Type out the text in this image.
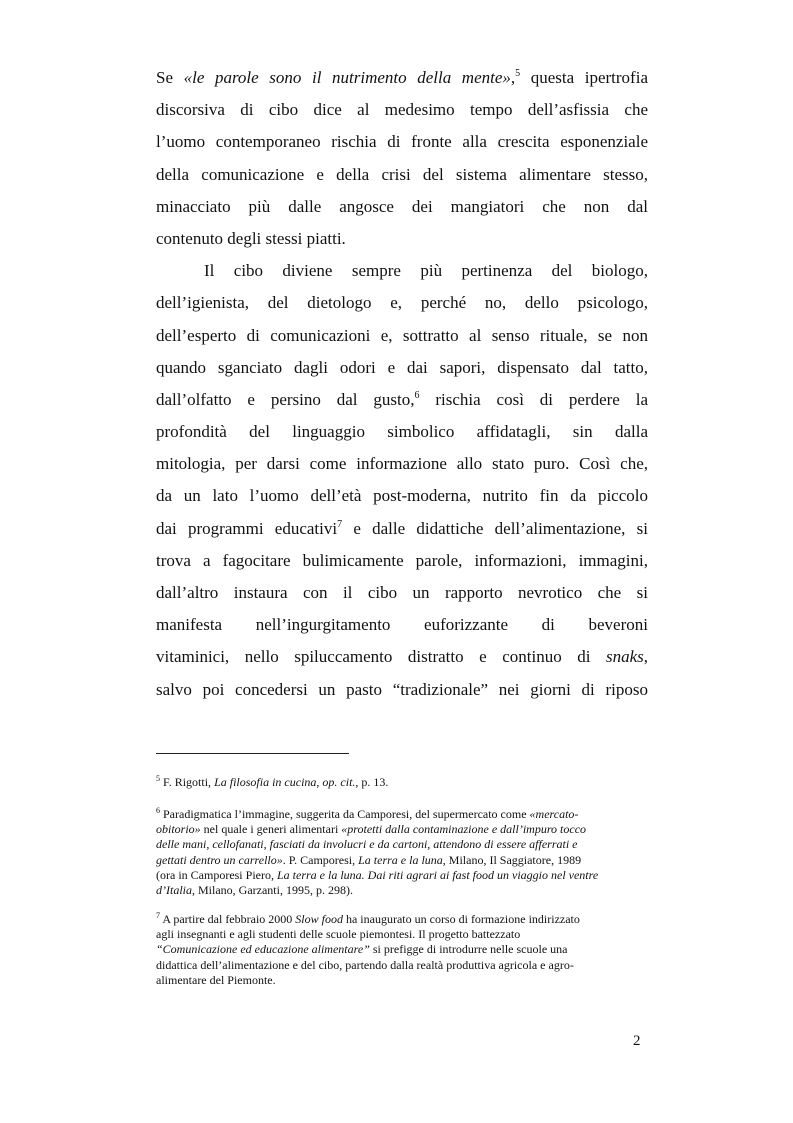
Se «le parole sono il nutrimento della mente»,$^5$ questa ipertrofia
discorsiva di cibo dice al medesimo tempo dell’asfissia che
l’uomo contemporaneo rischia di fronte alla crescita esponenziale
della comunicazione e della crisi del sistema alimentare stesso,
minacciato più dalle angosce dei mangiatori che non dal
contenuto degli stessi piatti.
Il cibo diviene sempre più pertinenza del biologo,
dell’igienista, del dietologo e, perché no, dello psicologo,
dell’esperto di comunicazioni e, sottratto al senso rituale, se non
quando sganciato dagli odori e dai sapori, dispensato dal tatto,
dall’olfatto e persino dal gusto,$^6$ rischia così di perdere la
profondità del linguaggio simbolico affidatagli, sin dalla
mitologia, per darsi come informazione allo stato puro. Così che,
da un lato l’uomo dell’età post-moderna, nutrito fin da piccolo
dai programmi educativi$^7$ e dalle didattiche dell’alimentazione, si
trova a fagocitare bulimicamente parole, informazioni, immagini,
dall’altro instaura con il cibo un rapporto nevrotico che si
manifesta nell’ingurgitamento euforizzante di beveroni
vitaminici, nello spiluccamento distratto e continuo di snaks,
salvo poi concedersi un pasto “tradizionale” nei giorni di riposo
$^5$ F. Rigotti, La filosofia in cucina, op. cit., p. 13.
$^6$ Paradigmatica l’immagine, suggerita da Camporesi, del supermercato come «mercato-
obitorio» nel quale i generi alimentari «protetti dalla contaminazione e dall’impuro tocco
delle mani, cellofanati, fasciati da involucri e da cartoni, attendono di essere afferrati e
gettati dentro un carrello». P. Camporesi, La terra e la luna, Milano, Il Saggiatore, 1989
(ora in Camporesi Piero, La terra e la luna. Dai riti agrari ai fast food un viaggio nel ventre
d’Italia, Milano, Garzanti, 1995, p. 298).
$^7$ A partire dal febbraio 2000 Slow food ha inaugurato un corso di formazione indirizzato
agli insegnanti e agli studenti delle scuole piemontesi. Il progetto battezzato
“Comunicazione ed educazione alimentare” si prefigge di introdurre nelle scuole una
didattica dell’alimentazione e del cibo, partendo dalla realtà produttiva agricola e agro-
alimentare del Piemonte.
2
